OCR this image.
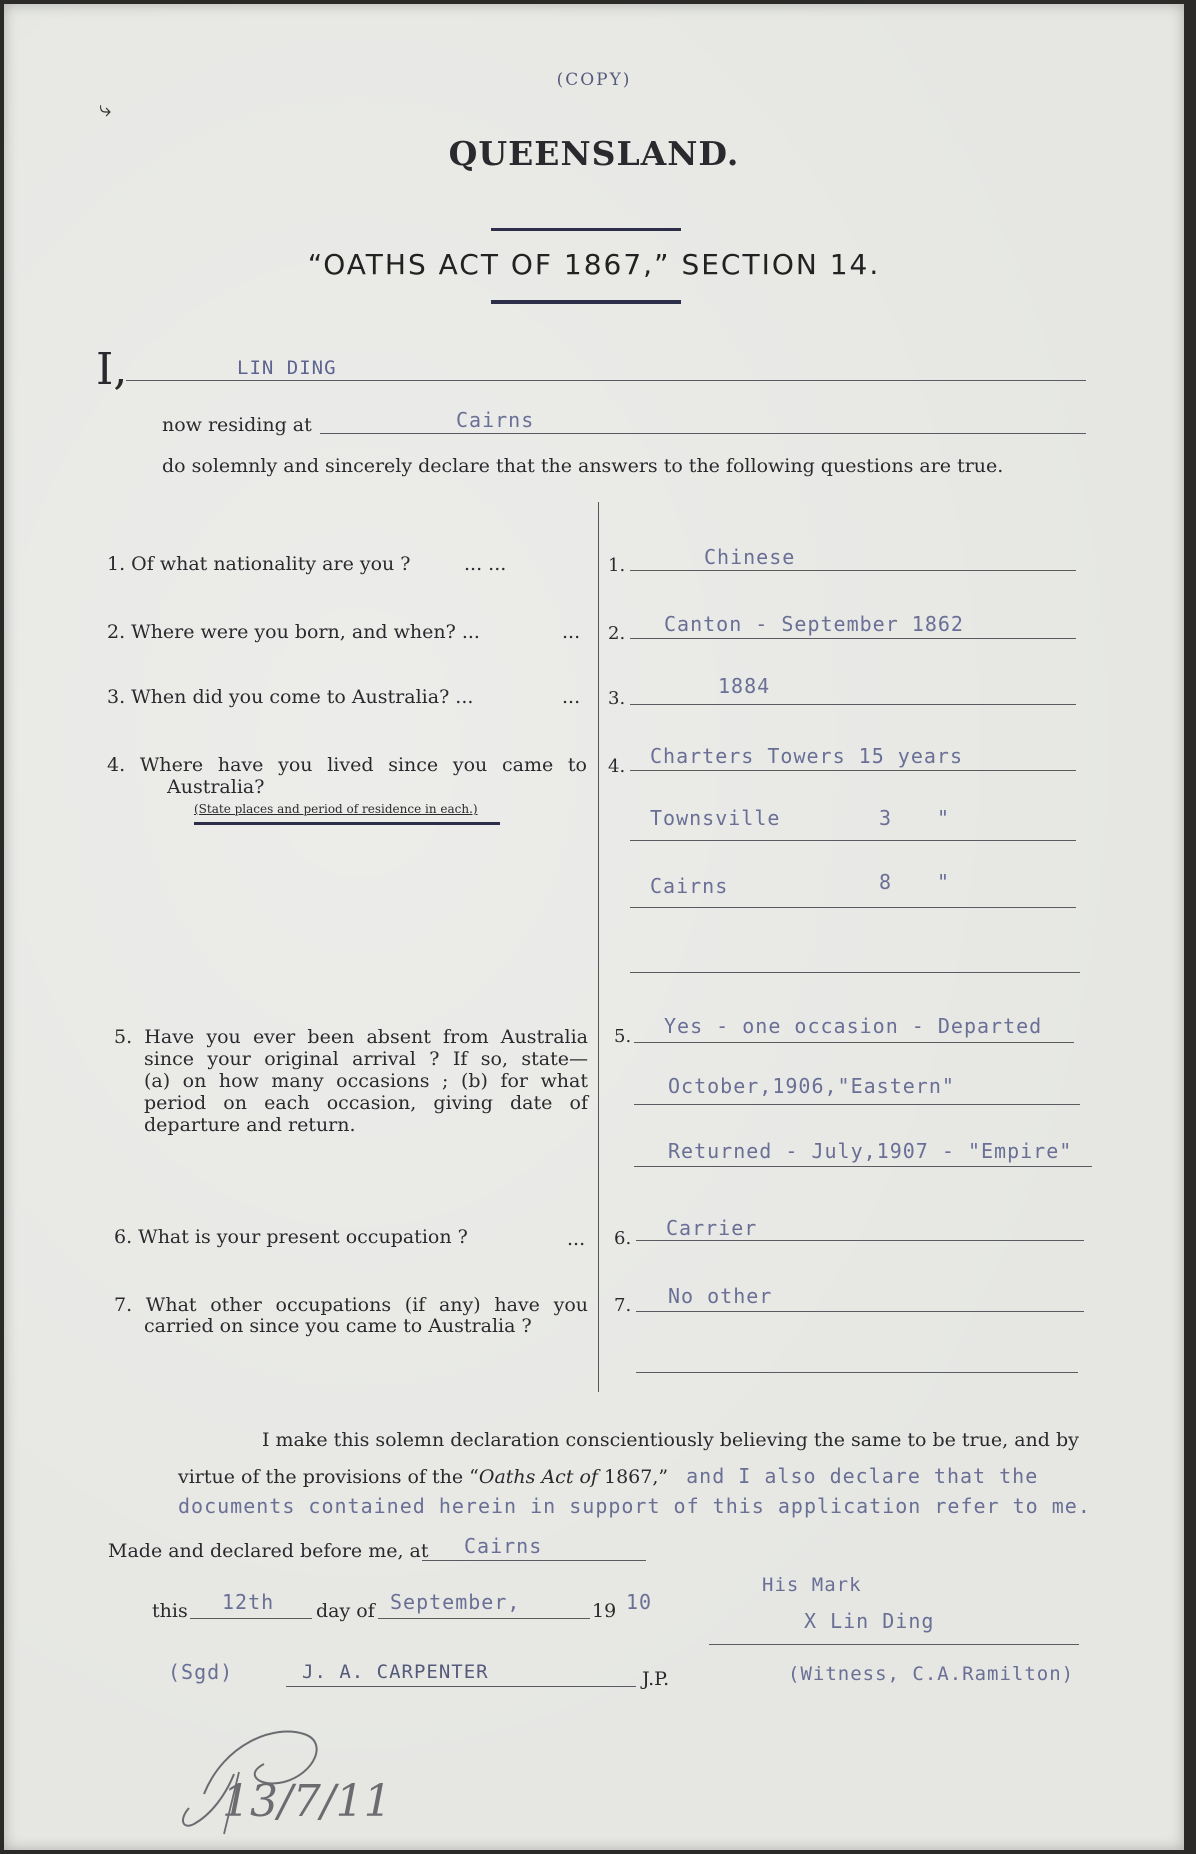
(COPY)
⤷
QUEENSLAND.
“OATHS ACT OF 1867,” SECTION 14.
I,	LIN DING
now residing at	Cairns
do solemnly and sincerely declare that the answers to the following questions are true.
1. Of what nationality are you ?	... ...	1.	Chinese
2. Where were you born, and when? ...	... 2. Canton - September 1862
3. When did you come to Australia? ...	... 3.
1884
4. Where have you lived since you came to
Australia?
(State places and period of residence in each.)
4. Charters Towers 15 years
Townsville	3 "
Cairns	8 "
5. Have you ever been absent from Australia
since your original arrival ? If so, state—
(a) on how many occasions ; (b) for what
period on each occasion, giving date of
departure and return.
5. Yes - one occasion - Departed
October,1906,"Eastern"
Returned - July,1907 - "Empire"
6. What is your present occupation ?	... 6. Carrier
7. What other occupations (if any) have you
carried on since you came to Australia ?
7. No other
I make this solemn declaration conscientiously believing the same to be true, and by
virtue of the provisions of the “Oaths Act of 1867,” and I also declare that the
documents contained herein in support of this application refer to me.
Made and declared before me, at Cairns
this 12th day of September,	19 10
His Mark
X Lin Ding
(Sgd)	J. A. CARPENTER	J.P.	(Witness, C.A.Ramilton)
13/7/11
